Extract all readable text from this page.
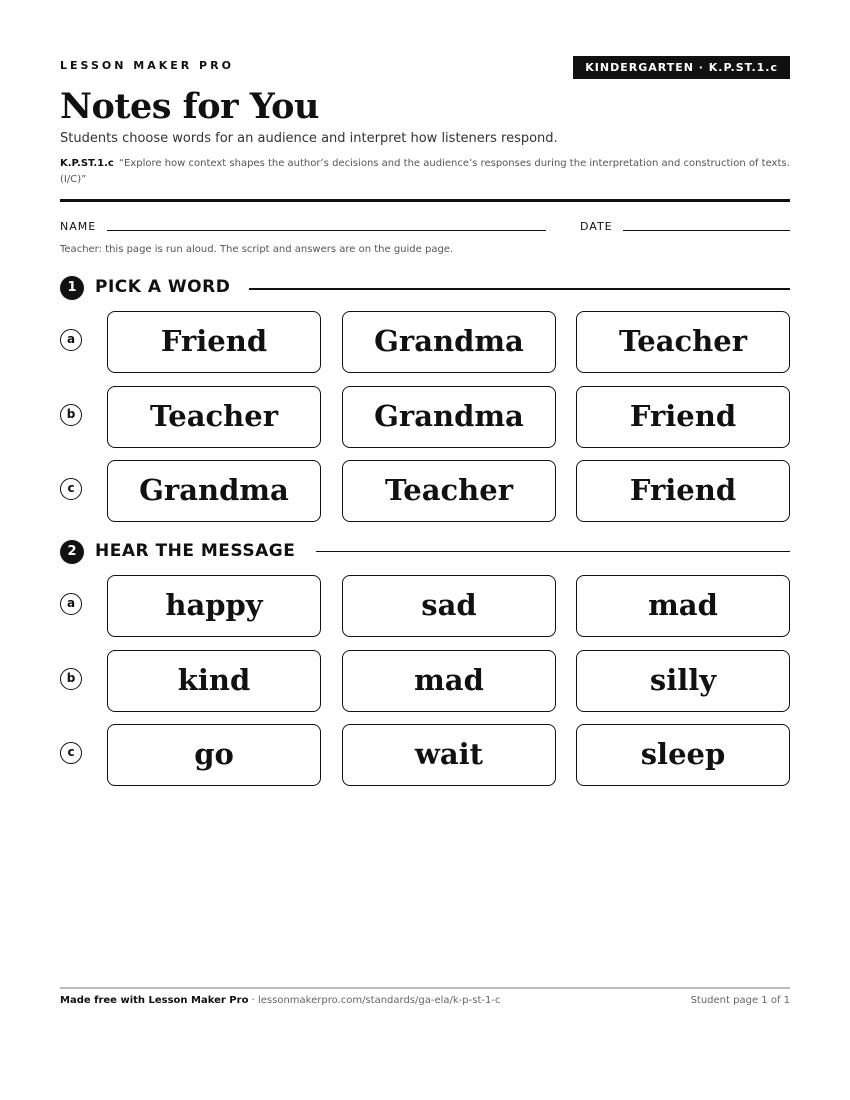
LESSON MAKER PRO	KINDERGARTEN · K.P.ST.1.c
Notes for You
Students choose words for an audience and interpret how listeners respond.
K.P.ST.1.c “Explore how context shapes the author’s decisions and the audience’s responses during the interpretation and construction of texts. (I/C)”
NAME	DATE
Teacher: this page is run aloud. The script and answers are on the guide page.
1	PICK A WORD
a	Friend	Grandma	Teacher
b	Teacher	Grandma	Friend
c	Grandma	Teacher	Friend
2	HEAR THE MESSAGE
a	happy	sad	mad
b	kind	mad	silly
c	go	wait	sleep
Made free with Lesson Maker Pro · lessonmakerpro.com/standards/ga-ela/k-p-st-1-c	Student page 1 of 1
